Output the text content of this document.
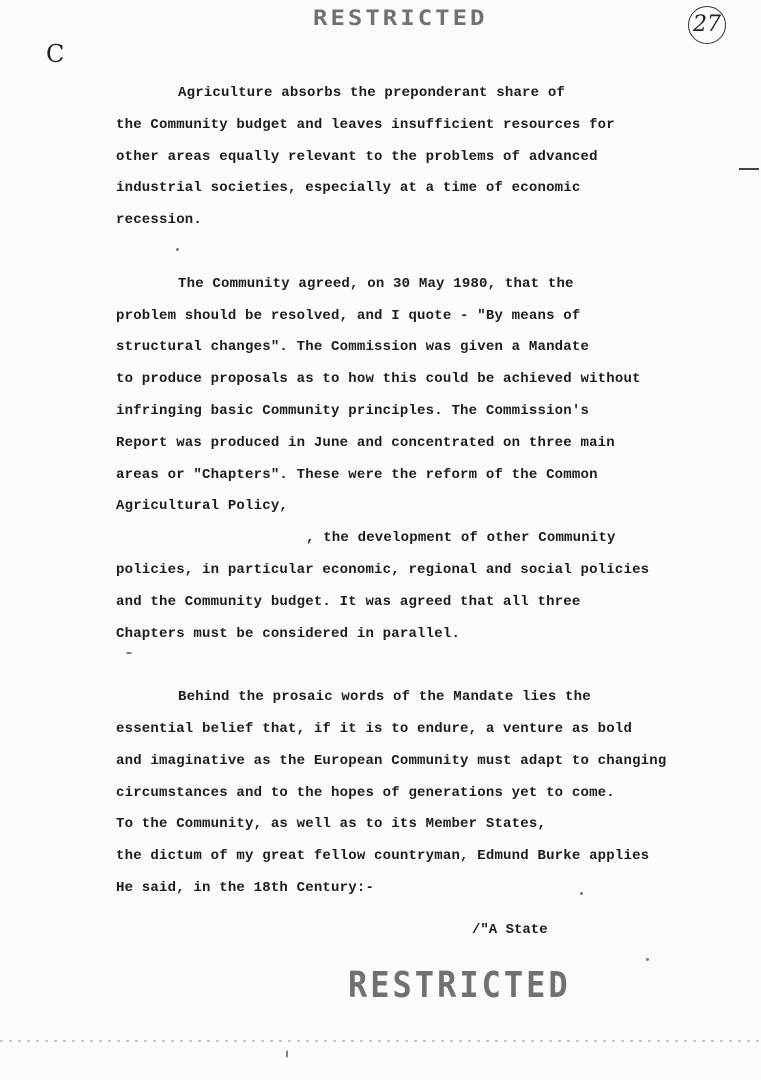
RESTRICTED	27
C
Agriculture absorbs the preponderant share of
the Community budget and leaves insufficient resources for
other areas equally relevant to the problems of advanced
industrial societies, especially at a time of economic
recession.
The Community agreed, on 30 May 1980, that the
problem should be resolved, and I quote - "By means of
structural changes". The Commission was given a Mandate
to produce proposals as to how this could be achieved without
infringing basic Community principles. The Commission's
Report was produced in June and concentrated on three main
areas or "Chapters". These were the reform of the Common
Agricultural Policy,
, the development of other Community
policies, in particular economic, regional and social policies
and the Community budget. It was agreed that all three
Chapters must be considered in parallel.
Behind the prosaic words of the Mandate lies the
essential belief that, if it is to endure, a venture as bold
and imaginative as the European Community must adapt to changing
circumstances and to the hopes of generations yet to come.
To the Community, as well as to its Member States,
the dictum of my great fellow countryman, Edmund Burke applies
He said, in the 18th Century:-
/"A State
RESTRICTED
